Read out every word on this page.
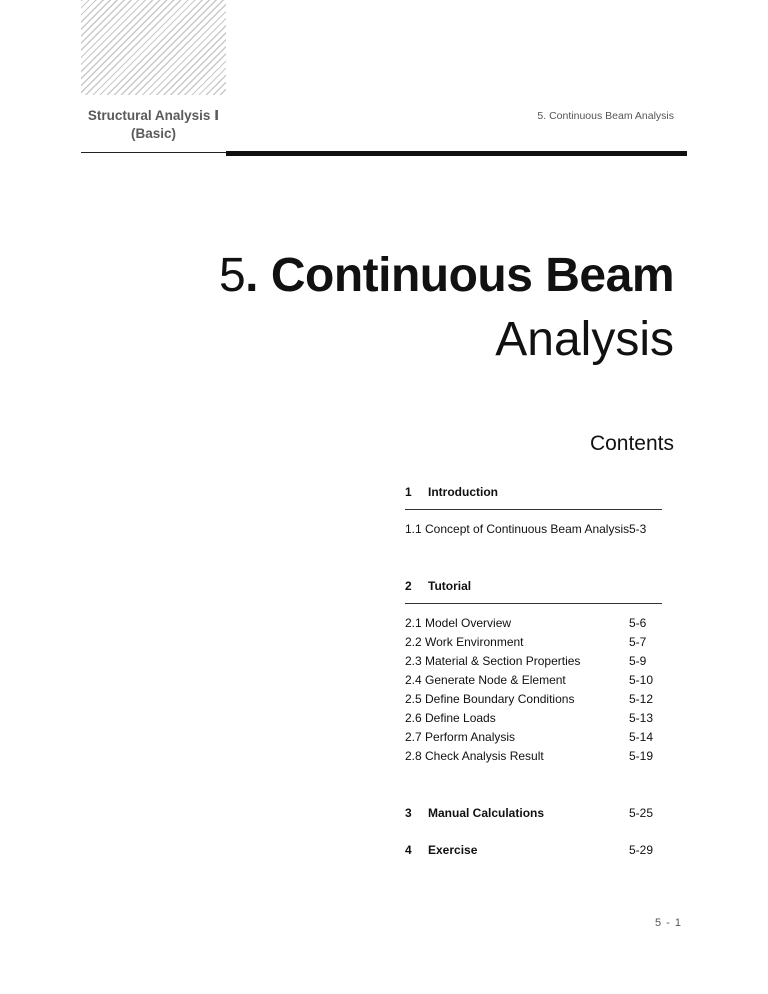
Structural Analysis Ⅰ
(Basic)
5. Continuous Beam Analysis
5. Continuous Beam
Analysis
Contents
1 Introduction
1.1 Concept of Continuous Beam Analysis 5-3
2 Tutorial
2.1 Model Overview	5-6
2.2 Work Environment	5-7
2.3 Material & Section Properties	5-9
2.4 Generate Node & Element	5-10
2.5 Define Boundary Conditions	5-12
2.6 Define Loads	5-13
2.7 Perform Analysis	5-14
2.8 Check Analysis Result	5-19
3 Manual Calculations	5-25
4 Exercise	5-29
5 - 1
